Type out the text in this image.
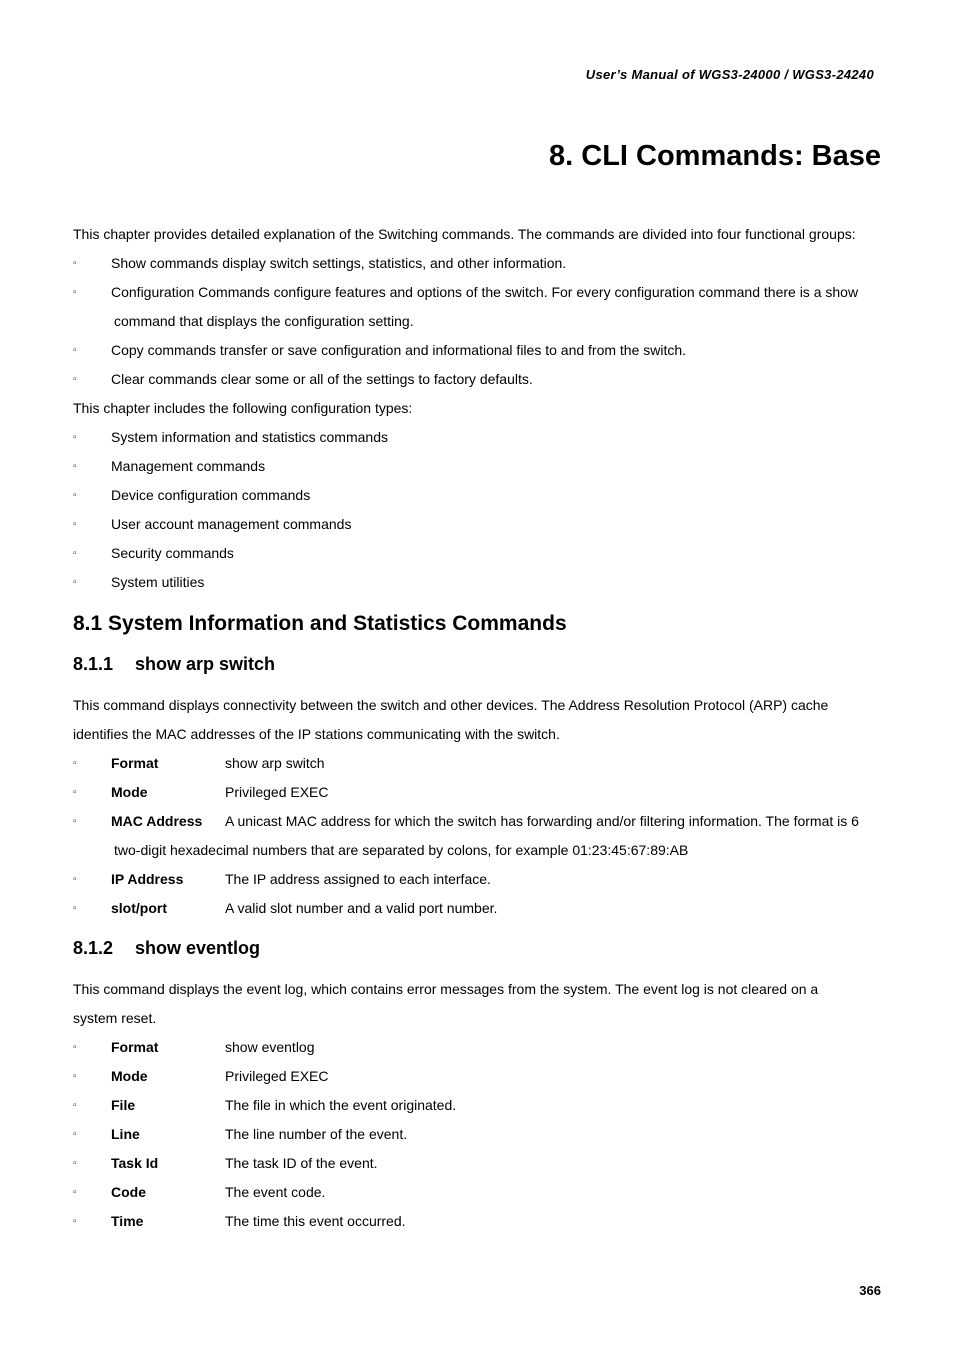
User’s Manual of WGS3-24000 / WGS3-24240
8. CLI Commands: Base

This chapter provides detailed explanation of the Switching commands. The commands are divided into four functional groups:

▫	Show commands display switch settings, statistics, and other information.
▫	Configuration Commands configure features and options of the switch. For every configuration command there is a show
command that displays the configuration setting.
▫	Copy commands transfer or save configuration and informational files to and from the switch.
▫	Clear commands clear some or all of the settings to factory defaults.

This chapter includes the following configuration types:

▫	System information and statistics commands
▫	Management commands
▫	Device configuration commands
▫	User account management commands
▫	Security commands
▫	System utilities
8.1 System Information and Statistics Commands
8.1.1	show arp switch

This command displays connectivity between the switch and other devices. The Address Resolution Protocol (ARP) cache

identifies the MAC addresses of the IP stations communicating with the switch.

▫	Format	show arp switch
▫	Mode	Privileged EXEC
▫	MAC Address	A unicast MAC address for which the switch has forwarding and/or filtering information. The format is 6
two-digit hexadecimal numbers that are separated by colons, for example 01:23:45:67:89:AB
▫	IP Address	The IP address assigned to each interface.
▫	slot/port	A valid slot number and a valid port number.
8.1.2	show eventlog

This command displays the event log, which contains error messages from the system. The event log is not cleared on a

system reset.

▫	Format	show eventlog
▫	Mode	Privileged EXEC
▫	File	The file in which the event originated.
▫	Line	The line number of the event.
▫	Task Id	The task ID of the event.
▫	Code	The event code.
▫	Time	The time this event occurred.
366
